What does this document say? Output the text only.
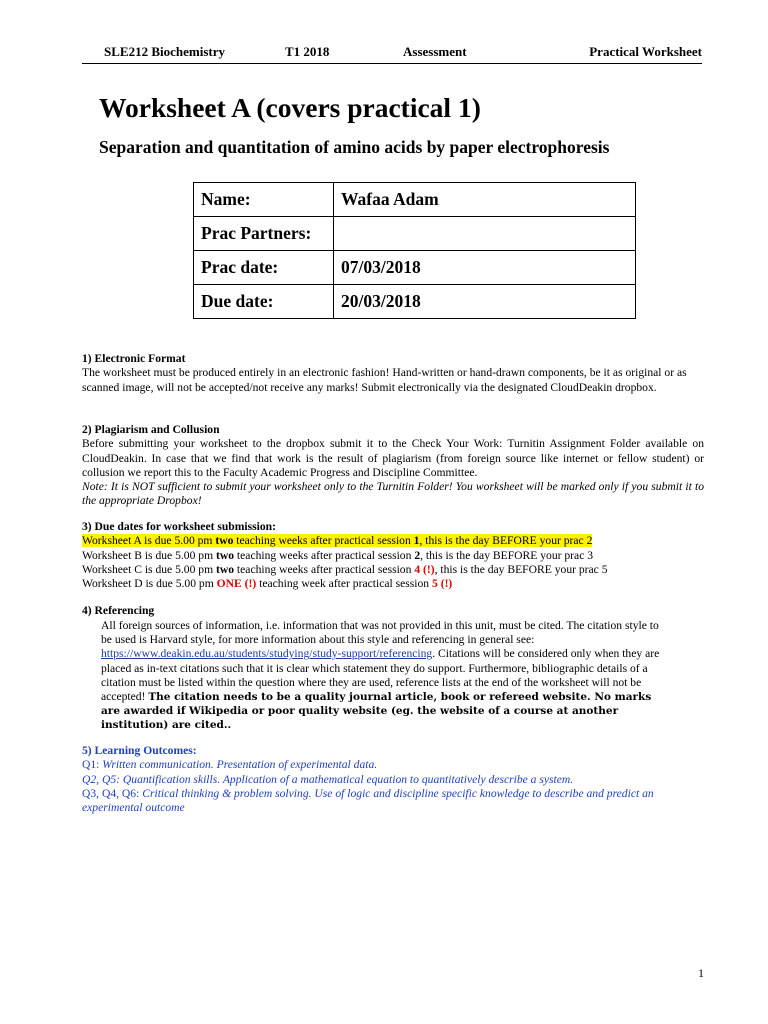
SLE212 Biochemistry	T1 2018	Assessment	Practical Worksheet
Worksheet A (covers practical 1)
Separation and quantitation of amino acids by paper electrophoresis
Name:	Wafaa Adam
Prac Partners:	
Prac date:	07/03/2018
Due date:	20/03/2018
1) Electronic Format
The worksheet must be produced entirely in an electronic fashion! Hand-written or hand-drawn components, be it as original or as scanned image, will not be accepted/not receive any marks! Submit electronically via the designated CloudDeakin dropbox.
2) Plagiarism and Collusion
Before submitting your worksheet to the dropbox submit it to the Check Your Work: Turnitin Assignment Folder available on CloudDeakin. In case that we find that work is the result of plagiarism (from foreign source like internet or fellow student) or collusion we report this to the Faculty Academic Progress and Discipline Committee.
Note: It is NOT sufficient to submit your worksheet only to the Turnitin Folder! You worksheet will be marked only if you submit it to the appropriate Dropbox!
3) Due dates for worksheet submission:
Worksheet A is due 5.00 pm two teaching weeks after practical session 1, this is the day BEFORE your prac 2
Worksheet B is due 5.00 pm two teaching weeks after practical session 2, this is the day BEFORE your prac 3
Worksheet C is due 5.00 pm two teaching weeks after practical session 4 (!), this is the day BEFORE your prac 5
Worksheet D is due 5.00 pm ONE (!) teaching week after practical session 5 (!)
4) Referencing
All foreign sources of information, i.e. information that was not provided in this unit, must be cited. The citation style to be used is Harvard style, for more information about this style and referencing in general see: https://www.deakin.edu.au/students/studying/study-support/referencing. Citations will be considered only when they are placed as in-text citations such that it is clear which statement they do support. Furthermore, bibliographic details of a citation must be listed within the question where they are used, reference lists at the end of the worksheet will not be accepted! The citation needs to be a quality journal article, book or refereed website. No marks are awarded if Wikipedia or poor quality website (eg. the website of a course at another institution) are cited..
5) Learning Outcomes:
Q1: Written communication. Presentation of experimental data.
Q2, Q5: Quantification skills. Application of a mathematical equation to quantitatively describe a system.
Q3, Q4, Q6: Critical thinking & problem solving. Use of logic and discipline specific knowledge to describe and predict an experimental outcome
1
